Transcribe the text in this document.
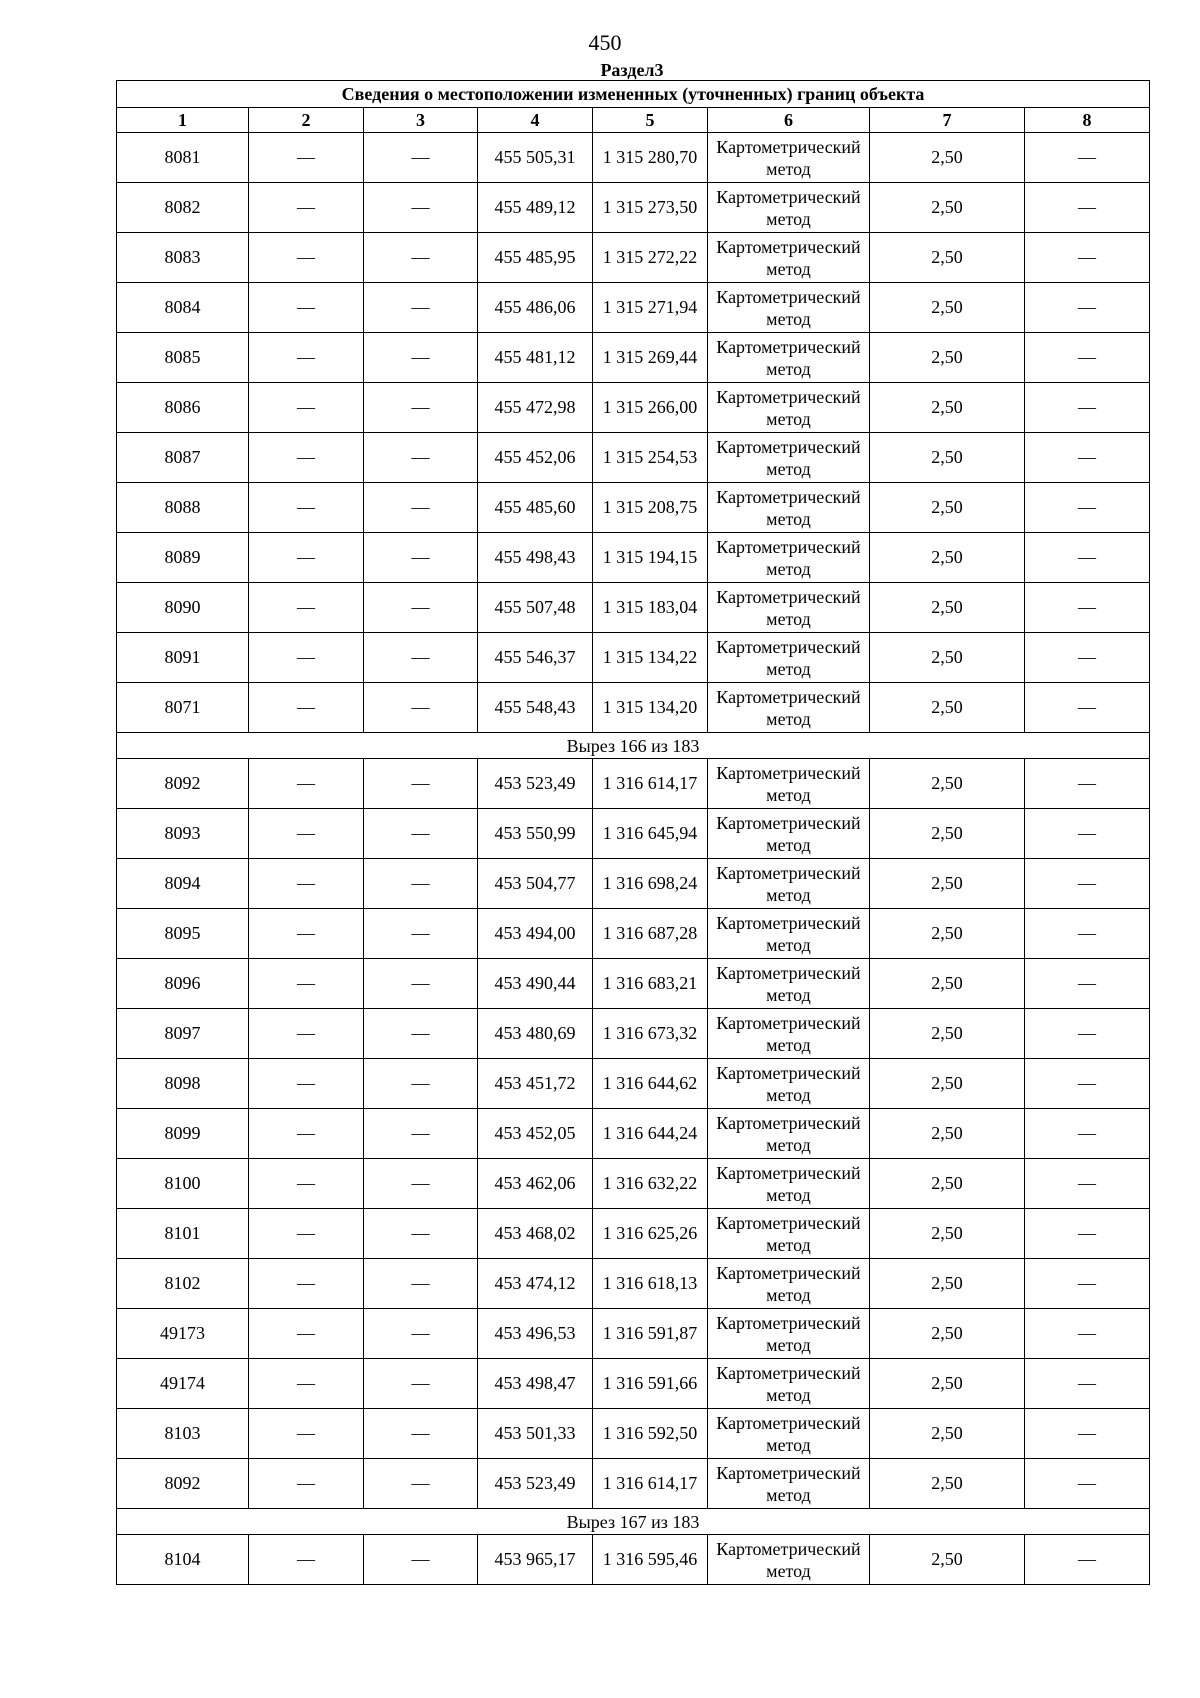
450
Раздел3
Сведения о местоположении измененных (уточненных) границ объекта							
1	2	3	4	5	6	7	8
8081	—	—	455 505,31	1 315 280,70	Картометрический метод	2,50	—
8082	—	—	455 489,12	1 315 273,50	Картометрический метод	2,50	—
8083	—	—	455 485,95	1 315 272,22	Картометрический метод	2,50	—
8084	—	—	455 486,06	1 315 271,94	Картометрический метод	2,50	—
8085	—	—	455 481,12	1 315 269,44	Картометрический метод	2,50	—
8086	—	—	455 472,98	1 315 266,00	Картометрический метод	2,50	—
8087	—	—	455 452,06	1 315 254,53	Картометрический метод	2,50	—
8088	—	—	455 485,60	1 315 208,75	Картометрический метод	2,50	—
8089	—	—	455 498,43	1 315 194,15	Картометрический метод	2,50	—
8090	—	—	455 507,48	1 315 183,04	Картометрический метод	2,50	—
8091	—	—	455 546,37	1 315 134,22	Картометрический метод	2,50	—
8071	—	—	455 548,43	1 315 134,20	Картометрический метод	2,50	—
Вырез 166 из 183							
8092	—	—	453 523,49	1 316 614,17	Картометрический метод	2,50	—
8093	—	—	453 550,99	1 316 645,94	Картометрический метод	2,50	—
8094	—	—	453 504,77	1 316 698,24	Картометрический метод	2,50	—
8095	—	—	453 494,00	1 316 687,28	Картометрический метод	2,50	—
8096	—	—	453 490,44	1 316 683,21	Картометрический метод	2,50	—
8097	—	—	453 480,69	1 316 673,32	Картометрический метод	2,50	—
8098	—	—	453 451,72	1 316 644,62	Картометрический метод	2,50	—
8099	—	—	453 452,05	1 316 644,24	Картометрический метод	2,50	—
8100	—	—	453 462,06	1 316 632,22	Картометрический метод	2,50	—
8101	—	—	453 468,02	1 316 625,26	Картометрический метод	2,50	—
8102	—	—	453 474,12	1 316 618,13	Картометрический метод	2,50	—
49173	—	—	453 496,53	1 316 591,87	Картометрический метод	2,50	—
49174	—	—	453 498,47	1 316 591,66	Картометрический метод	2,50	—
8103	—	—	453 501,33	1 316 592,50	Картометрический метод	2,50	—
8092	—	—	453 523,49	1 316 614,17	Картометрический метод	2,50	—
Вырез 167 из 183							
8104	—	—	453 965,17	1 316 595,46	Картометрический метод	2,50	—
